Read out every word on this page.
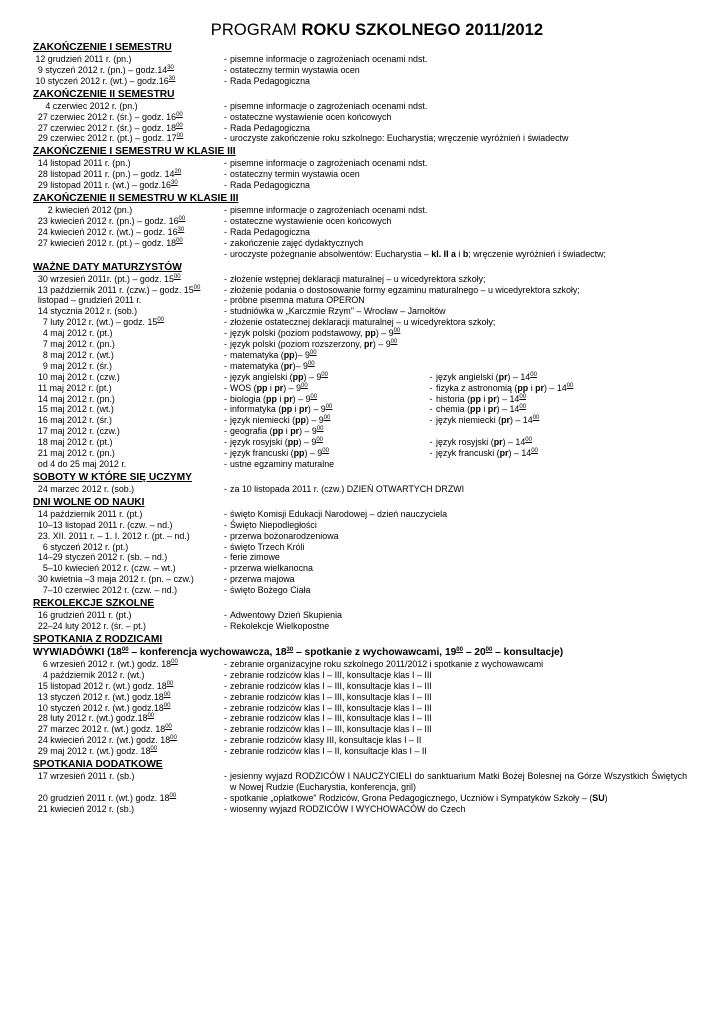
PROGRAM ROKU SZKOLNEGO 2011/2012
ZAKOŃCZENIE I SEMESTRU
12 grudzień 2011 r. (pn.)	- pisemne informacje o zagrożeniach ocenami ndst.
9 styczeń 2012 r. $(pn.) - godz.14^{30}$	- ostateczny termin wystawia ocen
10 styczeń 2012 r. $(wt.) - godz.16^{30}$	- Rada Pedagogiczna
ZAKOŃCZENIE II SEMESTRU
4 czerwiec 2012 r. (pn.)	- pisemne informacje o zagrożeniach ocenami ndst.
27 czerwiec 2012 r. (śr.) – godz. $16^{00}$	- ostateczne wystawienie ocen końcowych
27 czerwiec 2012 r. (śr.) – godz. $18^{00}$	- Rada Pedagogiczna
29 czerwiec 2012 r. (pt.) – godz. $17^{00}$	- uroczyste zakończenie roku szkolnego: Eucharystia; wręczenie wyróżnień i świadectw
ZAKOŃCZENIE I SEMESTRU W KLASIE III
14 listopad 2011 r. (pn.)	- pisemne informacje o zagrożeniach ocenami ndst.
28 listopad 2011 r. (pn.) – godz. $14^{20}$	- ostateczny termin wystawia ocen
29 listopad 2011 r. $(wt.) - godz.16^{30}$	- Rada Pedagogiczna
ZAKOŃCZENIE II SEMESTRU W KLASIE III
2 kwiecień 2012 (pn.)	- pisemne informacje o zagrożeniach ocenami ndst.
23 kwiecień 2012 r. (pn.) – godz. $16^{00}$	- ostateczne wystawienie ocen końcowych
24 kwiecień 2012 r. (wt.) – godz. $16^{30}$	- Rada Pedagogiczna
27 kwiecień 2012 r. (pt.) – godz. $18^{00}$	- zakończenie zajęć dydaktycznych
- uroczyste pożegnanie absolwentów: Eucharystia – kl. II a i b; wręczenie wyróżnień i świadectw;
WAŻNE DATY MATURZYSTÓW
30 wrzesień 2011r. (pt.) – godz. $15^{00}$	- złożenie wstępnej deklaracji maturalnej – u wicedyrektora szkoły;
13 październik 2011 r. (czw.) – godz. $15^{00}$	- złożenie podania o dostosowanie formy egzaminu maturalnego – u wicedyrektora szkoły;
listopad – grudzień 2011 r.	- próbne pisemna matura OPERON
14 stycznia 2012 r. (sob.)	- studniówka w „Karczmie Rzym" – Wrocław – Jarnołtów
7 luty 2012 r. (wt.) – godz. $15^{00}$	- złożenie ostatecznej deklaracji maturalnej – u wicedyrektora szkoły;
4 maj 2012 r. (pt.)	- język polski (poziom podstawowy, $pp) - 9^{00}$
7 maj 2012 r. (pn.)	- język polski (poziom rozszerzony, $pr) - 9^{00}$
8 maj 2012 r. (wt.)	- matematyka (pp)– $9^{00}$
9 maj 2012 r. (śr.)	- matematyka (pr)– $9^{00}$
10 maj 2012 r. (czw.)	- język angielski $(pp) - 9^{00}$	- język angielski $(pr) - 14^{00}$
11 maj 2012 r. (pt.)	- WOS (pp i $pr) - 9^{00}$	- fizyka z astronomią (pp i $pr) - 14^{00}$
14 maj 2012 r. (pn.)	- biologia (pp i $pr) - 9^{00}$	- historia (pp i $pr) - 14^{00}$
15 maj 2012 r. (wt.)	- informatyka (pp i $pr) - 9^{00}$	- chemia (pp i $pr) - 14^{00}$
16 maj 2012 r. (śr.)	- język niemiecki $(pp) - 9^{00}$	- język niemiecki $(pr) - 14^{00}$
17 maj 2012 r. (czw.)	- geografia (pp i $pr) - 9^{00}$
18 maj 2012 r. (pt.)	- język rosyjski $(pp) - 9^{00}$	- język rosyjski $(pr) - 14^{00}$
21 maj 2012 r. (pn.)	- język francuski $(pp) - 9^{00}$	- język francuski $(pr) - 14^{00}$
od 4 do 25 maj 2012 r.	- ustne egzaminy maturalne
SOBOTY W KTÓRE SIĘ UCZYMY
24 marzec 2012 r. (sob.)	- za 10 listopada 2011 r. (czw.) DZIEŃ OTWARTYCH DRZWI
DNI WOLNE OD NAUKI
14 październik 2011 r. (pt.)	- święto Komisji Edukacji Narodowej – dzień nauczyciela
10–13 listopad 2011 r. (czw. – nd.)	- Święto Niepodległości
23. XII. 2011 r. – 1. I. 2012 r. (pt. – nd.)	- przerwa bożonarodzeniowa
6 styczeń 2012 r. (pt.)	- święto Trzech Króli
14–29 styczeń 2012 r. (sb. – nd.)	- ferie zimowe
5–10 kwiecień 2012 r. (czw. – wt.)	- przerwa wielkanocna
30 kwietnia –3 maja 2012 r. (pn. – czw.)	- przerwa majowa
7–10 czerwiec 2012 r. (czw. – nd.)	- święto Bożego Ciała
REKOLEKCJE SZKOLNE
16 grudzień 2011 r. (pt.)	- Adwentowy Dzień Skupienia
22–24 luty 2012 r. (śr. – pt.)	- Rekolekcje Wielkopostne
SPOTKANIA Z RODZICAMI
WYWIADÓWKI ($18^{00}$ – konferencja wychowawcza, $18^{30}$ – spotkanie z wychowawcami, $19^{00} - 20^{00}$ – konsultacje)
6 wrzesień 2012 r. (wt.) godz. $18^{00}$	- zebranie organizacyjne roku szkolnego 2011/2012 i spotkanie z wychowawcami
4 październik 2012 r. (wt.)	- zebranie rodziców klas I – III, konsultacje klas I – III
15 listopad 2012 r. (wt.) godz. $18^{00}$	- zebranie rodziców klas I – III, konsultacje klas I – III
13 styczeń 2012 r. (wt.) $godz.18^{00}$	- zebranie rodziców klas I – III, konsultacje klas I – III
10 styczeń 2012 r. (wt.) $godz.18^{00}$	- zebranie rodziców klas I – III, konsultacje klas I – III
28 luty 2012 r. (wt.) $godz.18^{00}$	- zebranie rodziców klas I – III, konsultacje klas I – III
27 marzec 2012 r. (wt.) godz. $18^{00}$	- zebranie rodziców klas I – III, konsultacje klas I – III
24 kwiecień 2012 r. (wt.) godz. $18^{00}$	- zebranie rodziców klasy III, konsultacje klas I – II
29 maj 2012 r. (wt.) godz. $18^{00}$	- zebranie rodziców klas I – II, konsultacje klas I – II
SPOTKANIA DODATKOWE
17 wrzesień 2011 r. (sb.)	- jesienny wyjazd RODZICÓW I NAUCZYCIELI do sanktuarium Matki Bożej Bolesnej na Górze Wszystkich Świętych w Nowej Rudzie (Eucharystia, konferencja, gril)
20 grudzień 2011 r. (wt.) godz. $18^{00}$	- spotkanie „opłatkowe" Rodziców, Grona Pedagogicznego, Uczniów i Sympatyków Szkoły – (SU)
21 kwiecień 2012 r. (sb.)	- wiosenny wyjazd RODZICÓW I WYCHOWACÓW do Czech
